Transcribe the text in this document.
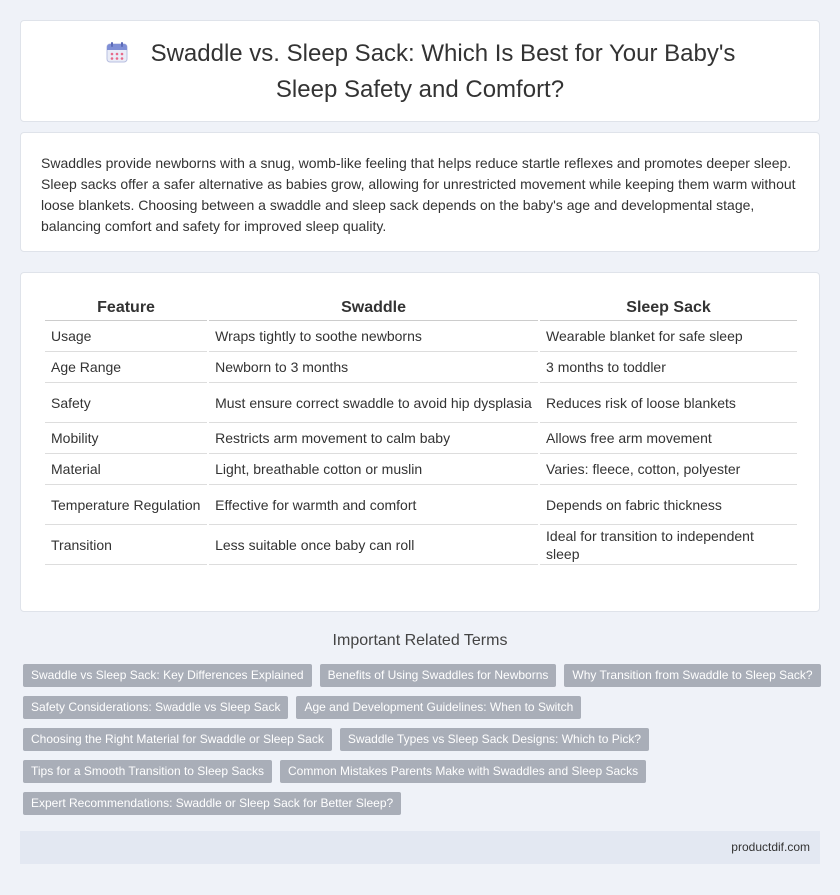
Swaddle vs. Sleep Sack: Which Is Best for Your Baby's Sleep Safety and Comfort?

Swaddles provide newborns with a snug, womb-like feeling that helps reduce startle reflexes and promotes deeper sleep. Sleep sacks offer a safer alternative as babies grow, allowing for unrestricted movement while keeping them warm without loose blankets. Choosing between a swaddle and sleep sack depends on the baby's age and developmental stage, balancing comfort and safety for improved sleep quality.

Feature	Swaddle	Sleep Sack
Usage	Wraps tightly to soothe newborns	Wearable blanket for safe sleep
Age Range	Newborn to 3 months	3 months to toddler
Safety	Must ensure correct swaddle to avoid hip dysplasia	Reduces risk of loose blankets
Mobility	Restricts arm movement to calm baby	Allows free arm movement
Material	Light, breathable cotton or muslin	Varies: fleece, cotton, polyester
Temperature Regulation	Effective for warmth and comfort	Depends on fabric thickness
Transition	Less suitable once baby can roll	Ideal for transition to independent sleep
Important Related Terms
Swaddle vs Sleep Sack: Key Differences Explained	Benefits of Using Swaddles for Newborns	Why Transition from Swaddle to Sleep Sack?
Safety Considerations: Swaddle vs Sleep Sack	Age and Development Guidelines: When to Switch
Choosing the Right Material for Swaddle or Sleep Sack	Swaddle Types vs Sleep Sack Designs: Which to Pick?
Tips for a Smooth Transition to Sleep Sacks	Common Mistakes Parents Make with Swaddles and Sleep Sacks
Expert Recommendations: Swaddle or Sleep Sack for Better Sleep?
productdif.com
